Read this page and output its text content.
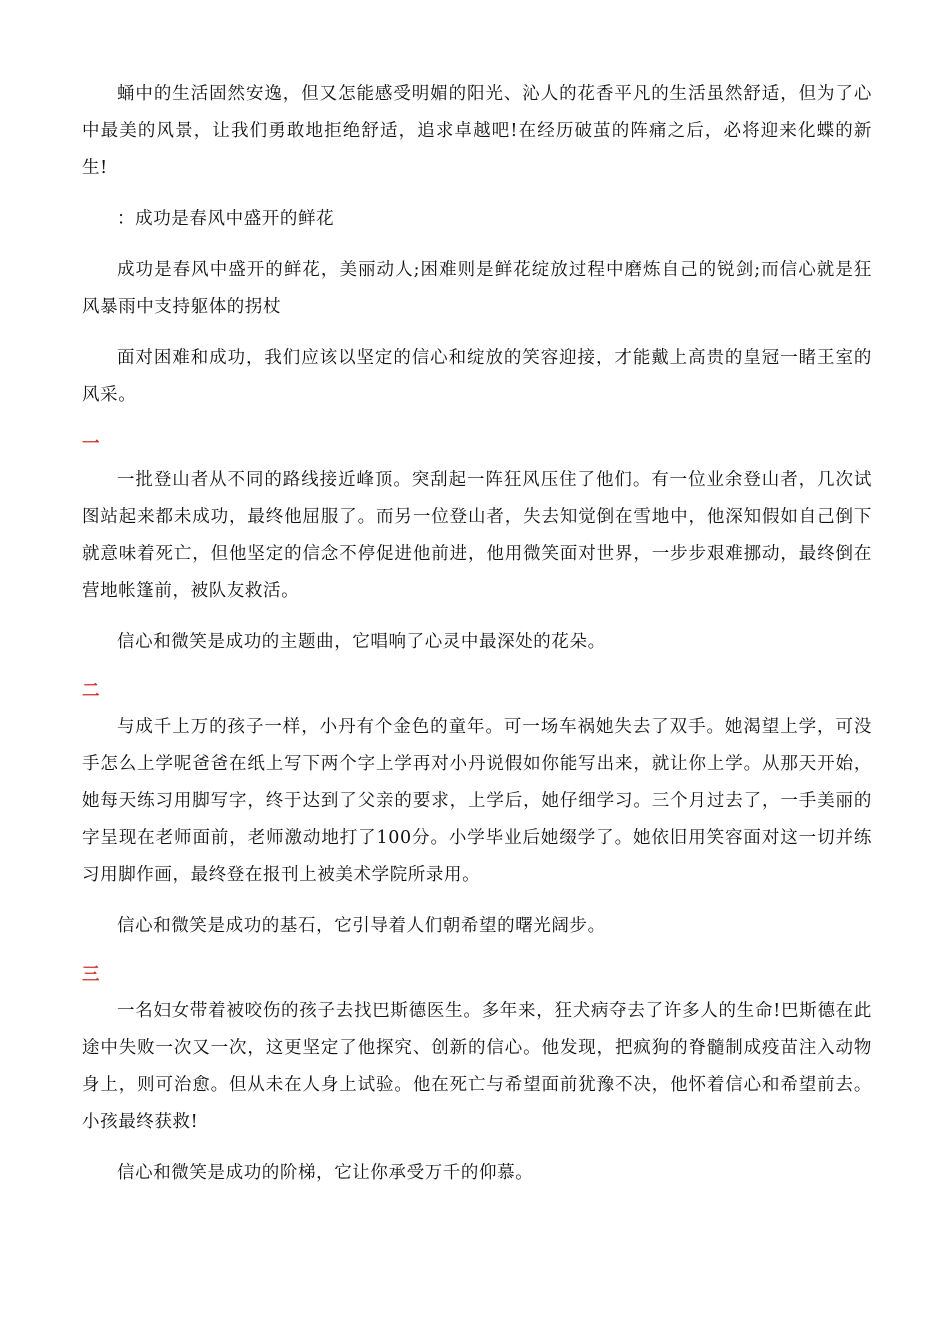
蛹中的生活固然安逸，但又怎能感受明媚的阳光、沁人的花香平凡的生活虽然舒适，但为了心中最美的风景，让我们勇敢地拒绝舒适，追求卓越吧!在经历破茧的阵痛之后，必将迎来化蝶的新生!

：成功是春风中盛开的鲜花

成功是春风中盛开的鲜花，美丽动人;困难则是鲜花绽放过程中磨炼自己的锐剑;而信心就是狂风暴雨中支持躯体的拐杖

面对困难和成功，我们应该以坚定的信心和绽放的笑容迎接，才能戴上高贵的皇冠一睹王室的风采。

一

一批登山者从不同的路线接近峰顶。突刮起一阵狂风压住了他们。有一位业余登山者，几次试图站起来都未成功，最终他屈服了。而另一位登山者，失去知觉倒在雪地中，他深知假如自己倒下就意味着死亡，但他坚定的信念不停促进他前进，他用微笑面对世界，一步步艰难挪动，最终倒在营地帐篷前，被队友救活。

信心和微笑是成功的主题曲，它唱响了心灵中最深处的花朵。

二

与成千上万的孩子一样，小丹有个金色的童年。可一场车祸她失去了双手。她渴望上学，可没手怎么上学呢爸爸在纸上写下两个字上学再对小丹说假如你能写出来，就让你上学。从那天开始，她每天练习用脚写字，终于达到了父亲的要求，上学后，她仔细学习。三个月过去了，一手美丽的字呈现在老师面前，老师激动地打了100分。小学毕业后她缀学了。她依旧用笑容面对这一切并练习用脚作画，最终登在报刊上被美术学院所录用。

信心和微笑是成功的基石，它引导着人们朝希望的曙光阔步。

三

一名妇女带着被咬伤的孩子去找巴斯德医生。多年来，狂犬病夺去了许多人的生命!巴斯德在此途中失败一次又一次，这更坚定了他探究、创新的信心。他发现，把疯狗的脊髓制成疫苗注入动物身上，则可治愈。但从未在人身上试验。他在死亡与希望面前犹豫不决，他怀着信心和希望前去。小孩最终获救!

信心和微笑是成功的阶梯，它让你承受万千的仰慕。
